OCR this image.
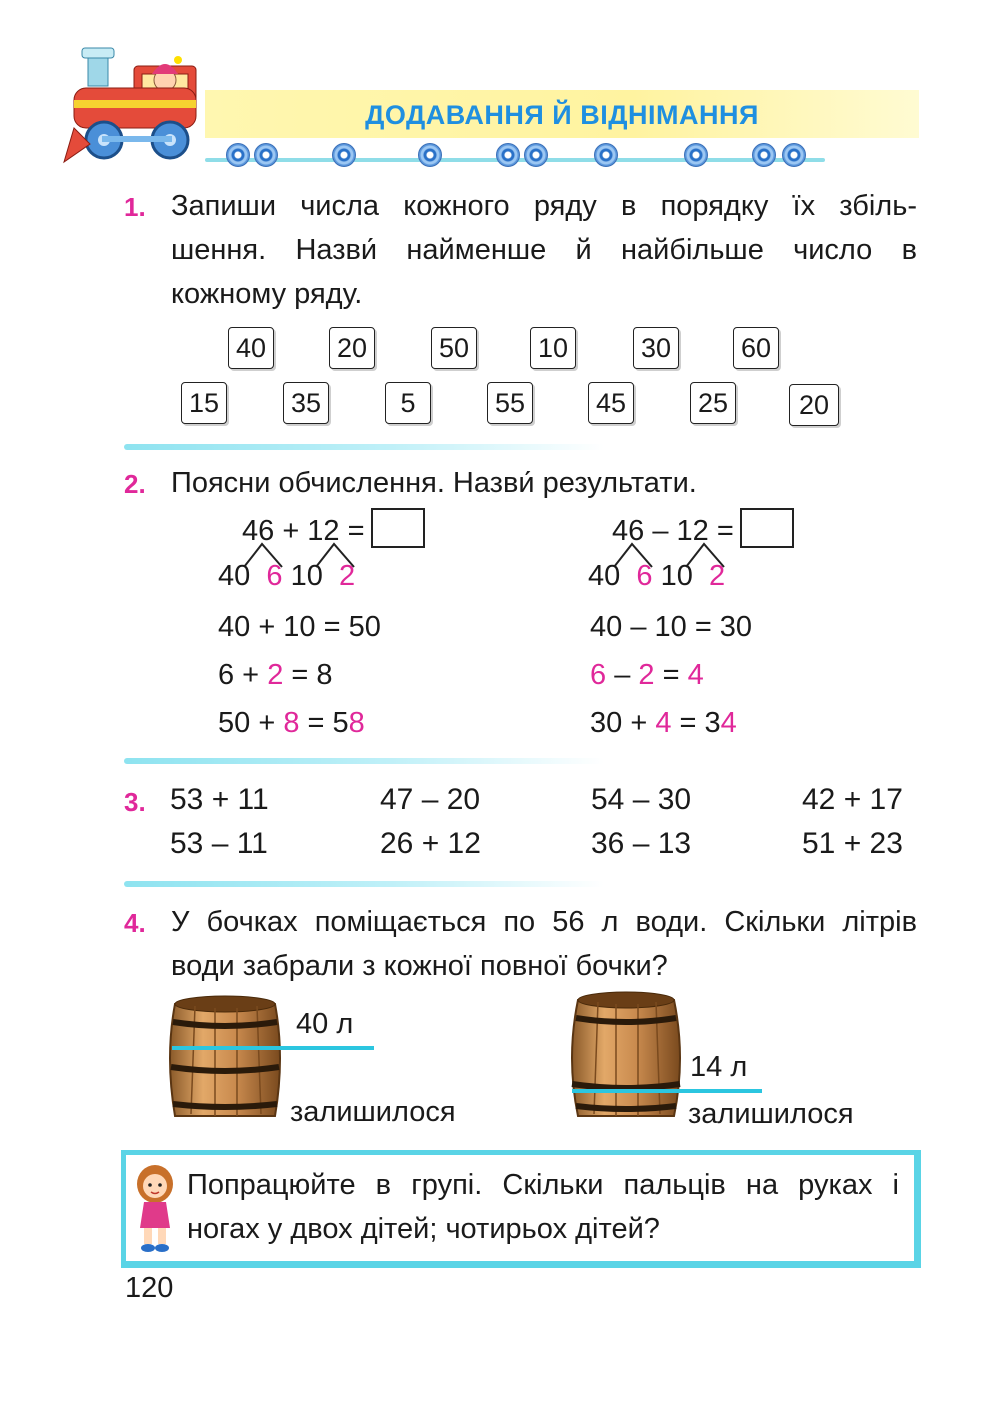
ДОДАВАННЯ Й ВІДНІМАННЯ
1. Запиши числа кожного ряду в порядку їх збіль-
шення. Назви́ найменше й найбільше число в
кожному ряду.
40	20	50	10	30	60
15	35	5	55	45	25	20
2. Поясни обчислення. Назви́ результати.
46 + 12 =
40 6 10 2
40 + 10 = 50
6 + 2 = 8
50 + 8 = 58
46 – 12 =
40 6 10 2
40 – 10 = 30
6 – 2 = 4
30 + 4 = 34
3. 53 + 11	47 – 20	54 – 30	42 + 17
53 – 11	26 + 12	36 – 13	51 + 23
4. У бочках поміщається по 56 л води. Скільки літрів
води забрали з кожної повної бочки?
40 л
залишилося
14 л
залишилося
Попрацюйте в групі. Скільки пальців на руках і
ногах у двох дітей; чотирьох дітей?
120
